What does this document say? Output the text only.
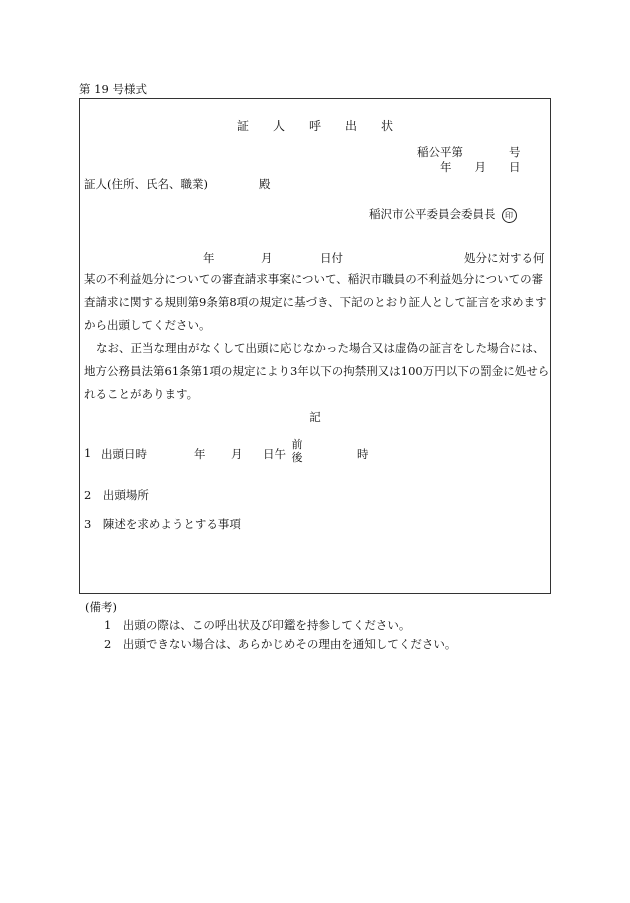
第 19 号様式
証　　人　　呼　　出　　状
稲公平第　　　　号
年　　月　　日
証人(住所、氏名、職業)	殿
稲沢市公平委員会委員長 印
年	月	日付	処分に対する何
某の不利益処分についての審査請求事案について、稲沢市職員の不利益処分についての審
査請求に関する規則第9条第8項の規定に基づき、下記のとおり証人として証言を求めます
から出頭してください。
なお、正当な理由がなくして出頭に応じなかった場合又は虚偽の証言をした場合には、
地方公務員法第61条第1項の規定により3年以下の拘禁刑又は100万円以下の罰金に処せら
れることがあります。
記
1 出頭日時	年 月 日午
前
後	時
2　出頭場所
3　陳述を求めようとする事項
(備考)
1　出頭の際は、この呼出状及び印鑑を持参してください。
2　出頭できない場合は、あらかじめその理由を通知してください。
